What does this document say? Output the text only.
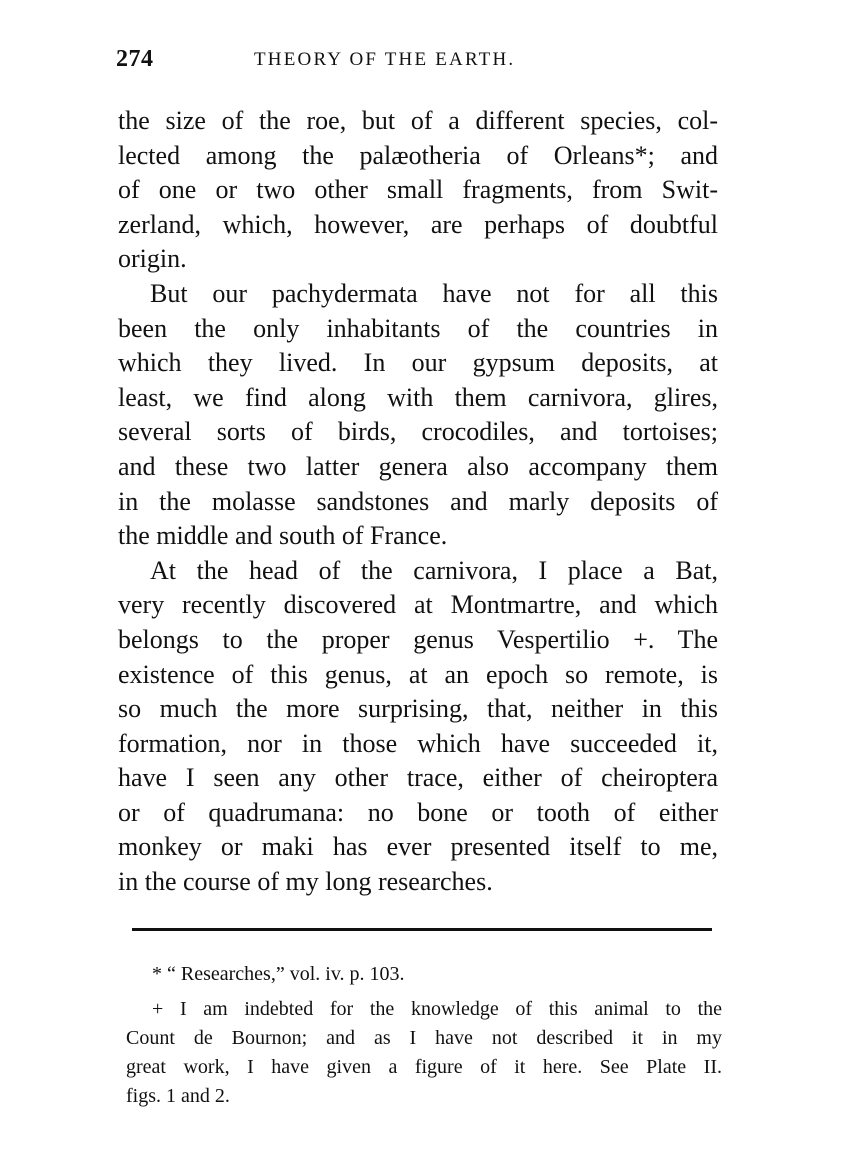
274	THEORY OF THE EARTH.
the size of the roe, but of a different species, col-
lected among the palæotheria of Orleans*; and
of one or two other small fragments, from Swit-
zerland, which, however, are perhaps of doubtful
origin.
But our pachydermata have not for all this
been the only inhabitants of the countries in
which they lived. In our gypsum deposits, at
least, we find along with them carnivora, glires,
several sorts of birds, crocodiles, and tortoises;
and these two latter genera also accompany them
in the molasse sandstones and marly deposits of
the middle and south of France.
At the head of the carnivora, I place a Bat,
very recently discovered at Montmartre, and which
belongs to the proper genus Vespertilio +. The
existence of this genus, at an epoch so remote, is
so much the more surprising, that, neither in this
formation, nor in those which have succeeded it,
have I seen any other trace, either of cheiroptera
or of quadrumana: no bone or tooth of either
monkey or maki has ever presented itself to me,
in the course of my long researches.
* “ Researches,” vol. iv. p. 103.
+ I am indebted for the knowledge of this animal to the
Count de Bournon; and as I have not described it in my
great work, I have given a figure of it here. See Plate II.
figs. 1 and 2.
